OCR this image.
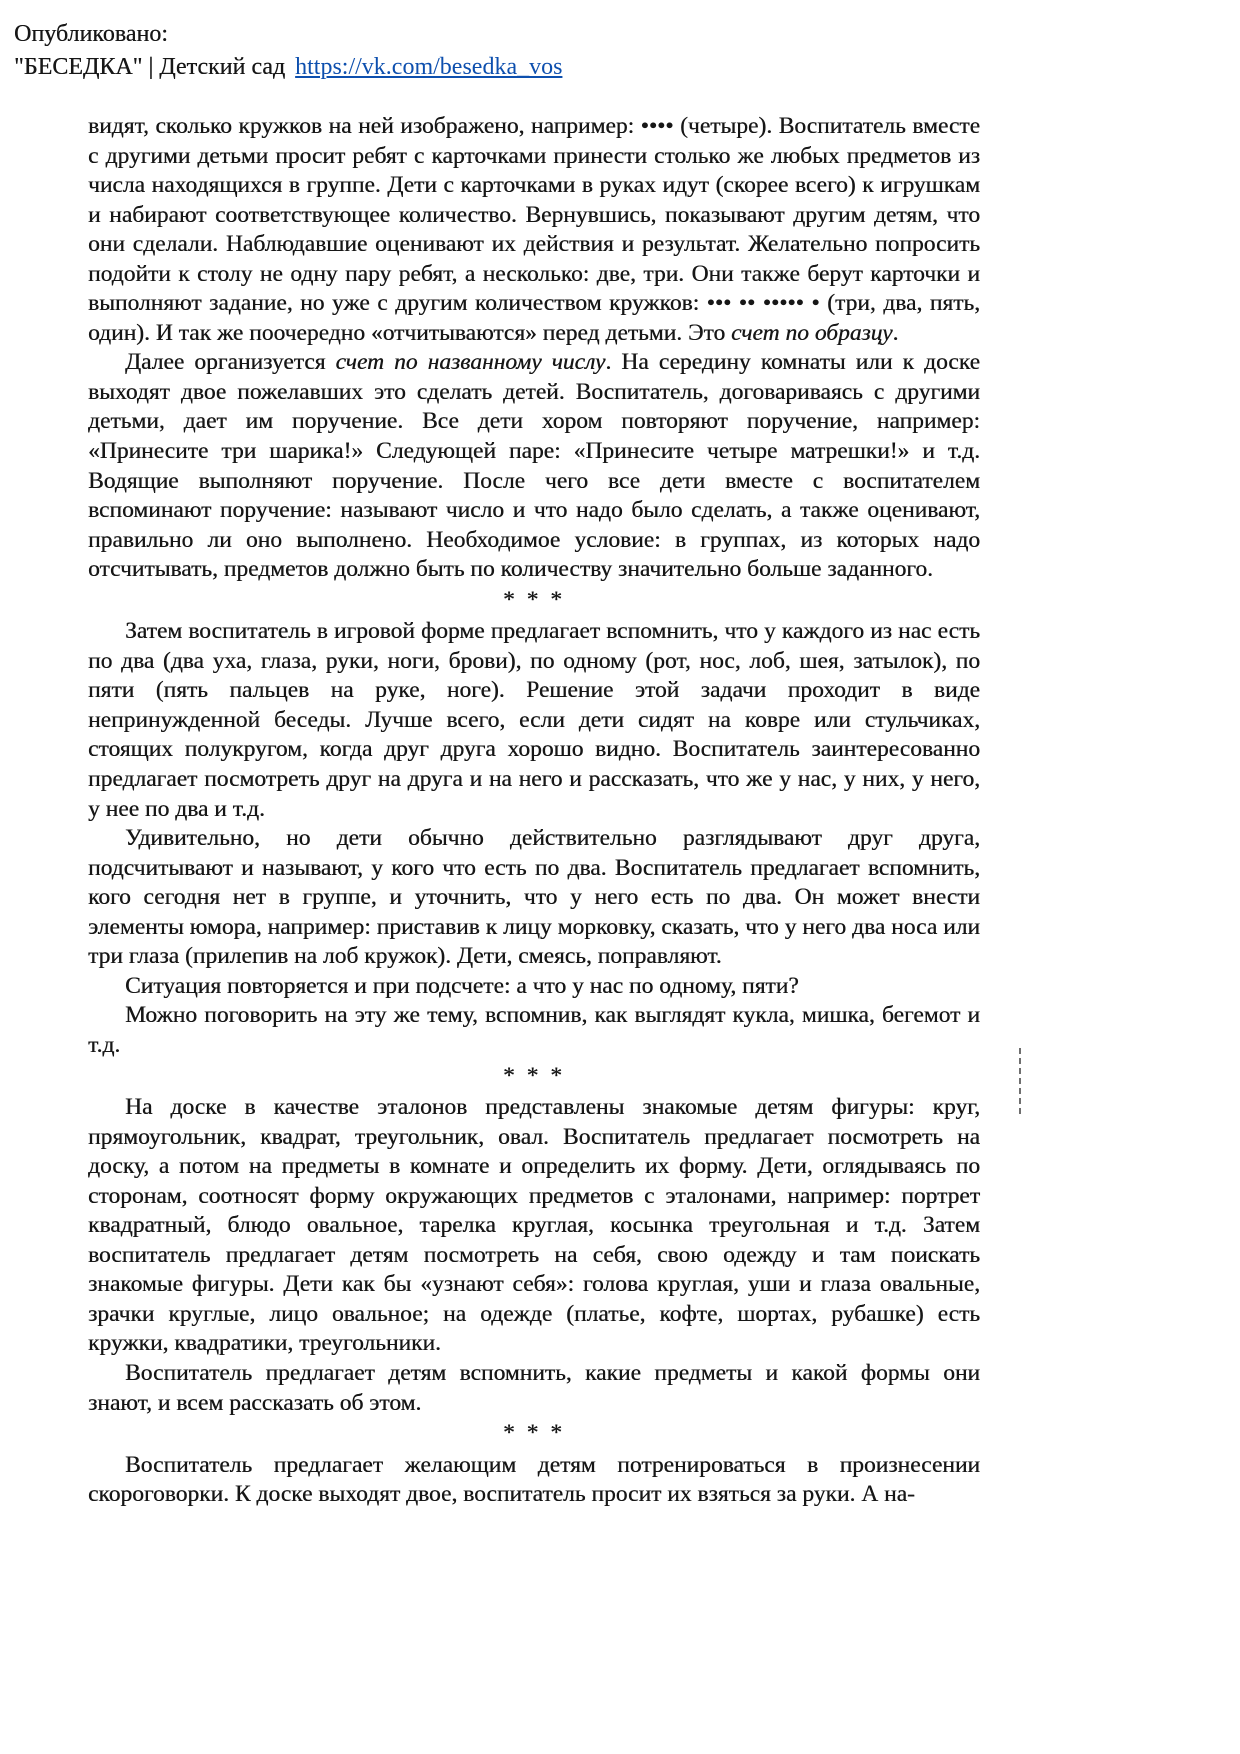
Опубликовано:
"БЕСЕДКА" | Детский сад https://vk.com/besedka_vos

видят, сколько кружков на ней изображено, например: •••• (четыре). Воспитатель вместе с другими детьми просит ребят с карточками принести столько же любых предметов из числа находящихся в группе. Дети с карточками в руках идут (скорее всего) к игрушкам и набирают соответствующее количество. Вернувшись, показывают другим детям, что они сделали. Наблюдавшие оценивают их действия и результат. Желательно попросить подойти к столу не одну пару ребят, а несколько: две, три. Они также берут карточки и выполняют задание, но уже с другим количеством кружков: ••• •• ••••• • (три, два, пять, один). И так же поочередно «отчитываются» перед детьми. Это счет по образцу.

Далее организуется счет по названному числу. На середину комнаты или к доске выходят двое пожелавших это сделать детей. Воспитатель, договариваясь с другими детьми, дает им поручение. Все дети хором повторяют поручение, например: «Принесите три шарика!» Следующей паре: «Принесите четыре матрешки!» и т.д. Водящие выполняют поручение. После чего все дети вместе с воспитателем вспоминают поручение: называют число и что надо было сделать, а также оценивают, правильно ли оно выполнено. Необходимое условие: в группах, из которых надо отсчитывать, предметов должно быть по количеству значительно больше заданного.

* * *

Затем воспитатель в игровой форме предлагает вспомнить, что у каждого из нас есть по два (два уха, глаза, руки, ноги, брови), по одному (рот, нос, лоб, шея, затылок), по пяти (пять пальцев на руке, ноге). Решение этой задачи проходит в виде непринужденной беседы. Лучше всего, если дети сидят на ковре или стульчиках, стоящих полукругом, когда друг друга хорошо видно. Воспитатель заинтересованно предлагает посмотреть друг на друга и на него и рассказать, что же у нас, у них, у него, у нее по два и т.д.

Удивительно, но дети обычно действительно разглядывают друг друга, подсчитывают и называют, у кого что есть по два. Воспитатель предлагает вспомнить, кого сегодня нет в группе, и уточнить, что у него есть по два. Он может внести элементы юмора, например: приставив к лицу морковку, сказать, что у него два носа или три глаза (прилепив на лоб кружок). Дети, смеясь, поправляют.

Ситуация повторяется и при подсчете: а что у нас по одному, пяти?

Можно поговорить на эту же тему, вспомнив, как выглядят кукла, мишка, бегемот и т.д.

* * *

На доске в качестве эталонов представлены знакомые детям фигуры: круг, прямоугольник, квадрат, треугольник, овал. Воспитатель предлагает посмотреть на доску, а потом на предметы в комнате и определить их форму. Дети, оглядываясь по сторонам, соотносят форму окружающих предметов с эталонами, например: портрет квадратный, блюдо овальное, тарелка круглая, косынка треугольная и т.д. Затем воспитатель предлагает детям посмотреть на себя, свою одежду и там поискать знакомые фигуры. Дети как бы «узнают себя»: голова круглая, уши и глаза овальные, зрачки круглые, лицо овальное; на одежде (платье, кофте, шортах, рубашке) есть кружки, квадратики, треугольники.

Воспитатель предлагает детям вспомнить, какие предметы и какой формы они знают, и всем рассказать об этом.

* * *

Воспитатель предлагает желающим детям потренироваться в произнесении скороговорки. К доске выходят двое, воспитатель просит их взяться за руки. А на-
